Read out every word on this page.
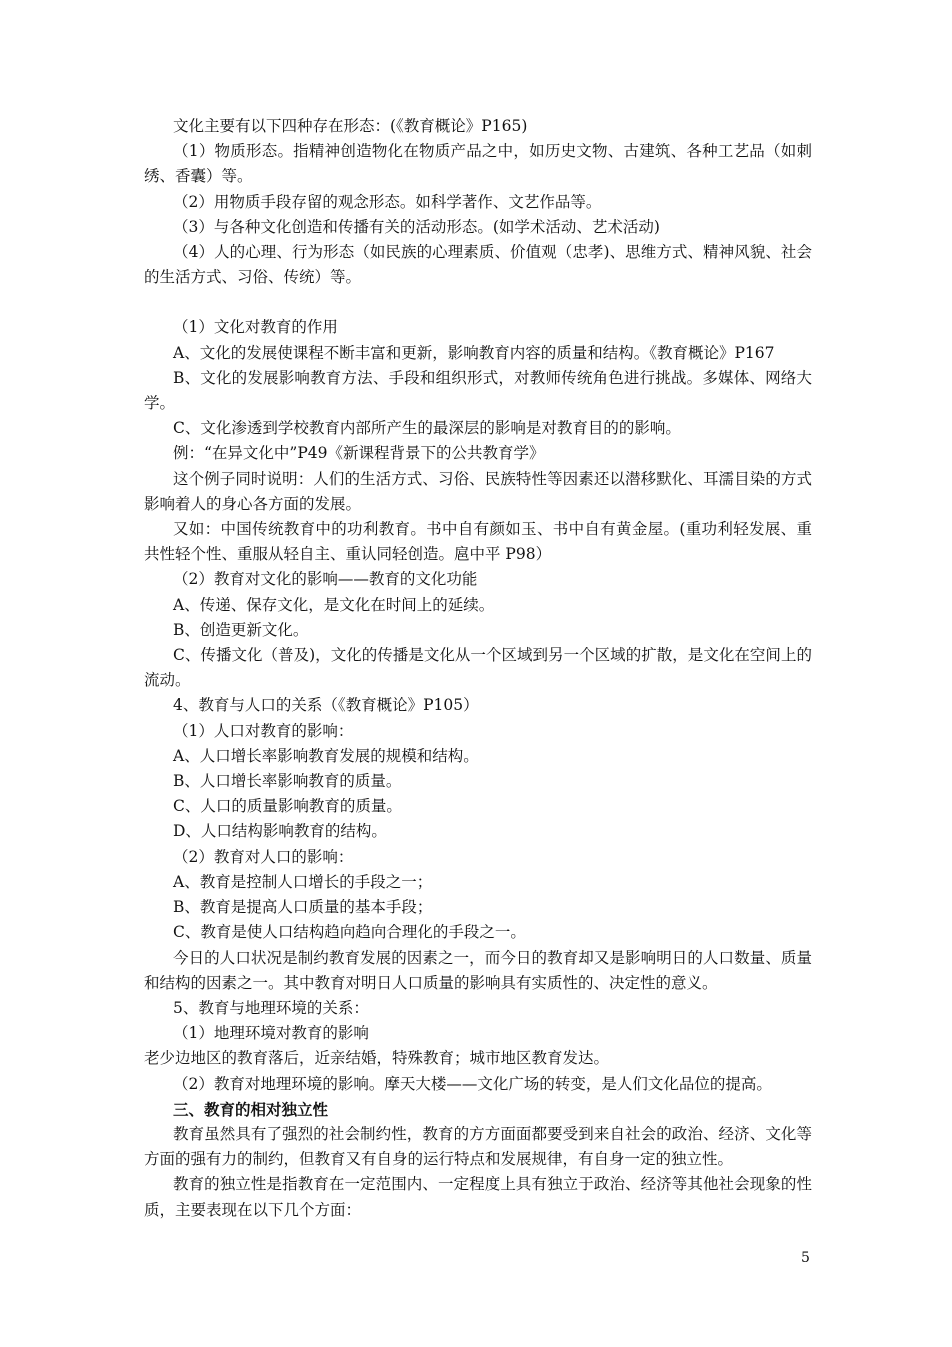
文化主要有以下四种存在形态：(《教育概论》P165)

（1）物质形态。指精神创造物化在物质产品之中，如历史文物、古建筑、各种工艺品（如刺绣、香囊）等。

（2）用物质手段存留的观念形态。如科学著作、文艺作品等。

（3）与各种文化创造和传播有关的活动形态。(如学术活动、艺术活动)

（4）人的心理、行为形态（如民族的心理素质、价值观（忠孝)、思维方式、精神风貌、社会的生活方式、习俗、传统）等。

（1）文化对教育的作用

A、文化的发展使课程不断丰富和更新，影响教育内容的质量和结构。《教育概论》P167

B、文化的发展影响教育方法、手段和组织形式，对教师传统角色进行挑战。多媒体、网络大学。

C、文化渗透到学校教育内部所产生的最深层的影响是对教育目的的影响。

例：“在异文化中”P49《新课程背景下的公共教育学》

这个例子同时说明：人们的生活方式、习俗、民族特性等因素还以潜移默化、耳濡目染的方式影响着人的身心各方面的发展。

又如：中国传统教育中的功利教育。书中自有颜如玉、书中自有黄金屋。(重功利轻发展、重共性轻个性、重服从轻自主、重认同轻创造。扈中平 P98）

（2）教育对文化的影响——教育的文化功能

A、传递、保存文化，是文化在时间上的延续。

B、创造更新文化。

C、传播文化（普及)，文化的传播是文化从一个区域到另一个区域的扩散，是文化在空间上的流动。

4、教育与人口的关系（《教育概论》P105）

（1）人口对教育的影响：

A、人口增长率影响教育发展的规模和结构。

B、人口增长率影响教育的质量。

C、人口的质量影响教育的质量。

D、人口结构影响教育的结构。

（2）教育对人口的影响：

A、教育是控制人口增长的手段之一；

B、教育是提高人口质量的基本手段；

C、教育是使人口结构趋向趋向合理化的手段之一。

今日的人口状况是制约教育发展的因素之一，而今日的教育却又是影响明日的人口数量、质量和结构的因素之一。其中教育对明日人口质量的影响具有实质性的、决定性的意义。

5、教育与地理环境的关系：

（1）地理环境对教育的影响

老少边地区的教育落后，近亲结婚，特殊教育；城市地区教育发达。

（2）教育对地理环境的影响。摩天大楼——文化广场的转变，是人们文化品位的提高。

三、教育的相对独立性

教育虽然具有了强烈的社会制约性，教育的方方面面都要受到来自社会的政治、经济、文化等方面的强有力的制约，但教育又有自身的运行特点和发展规律，有自身一定的独立性。

教育的独立性是指教育在一定范围内、一定程度上具有独立于政治、经济等其他社会现象的性质，主要表现在以下几个方面：

5
